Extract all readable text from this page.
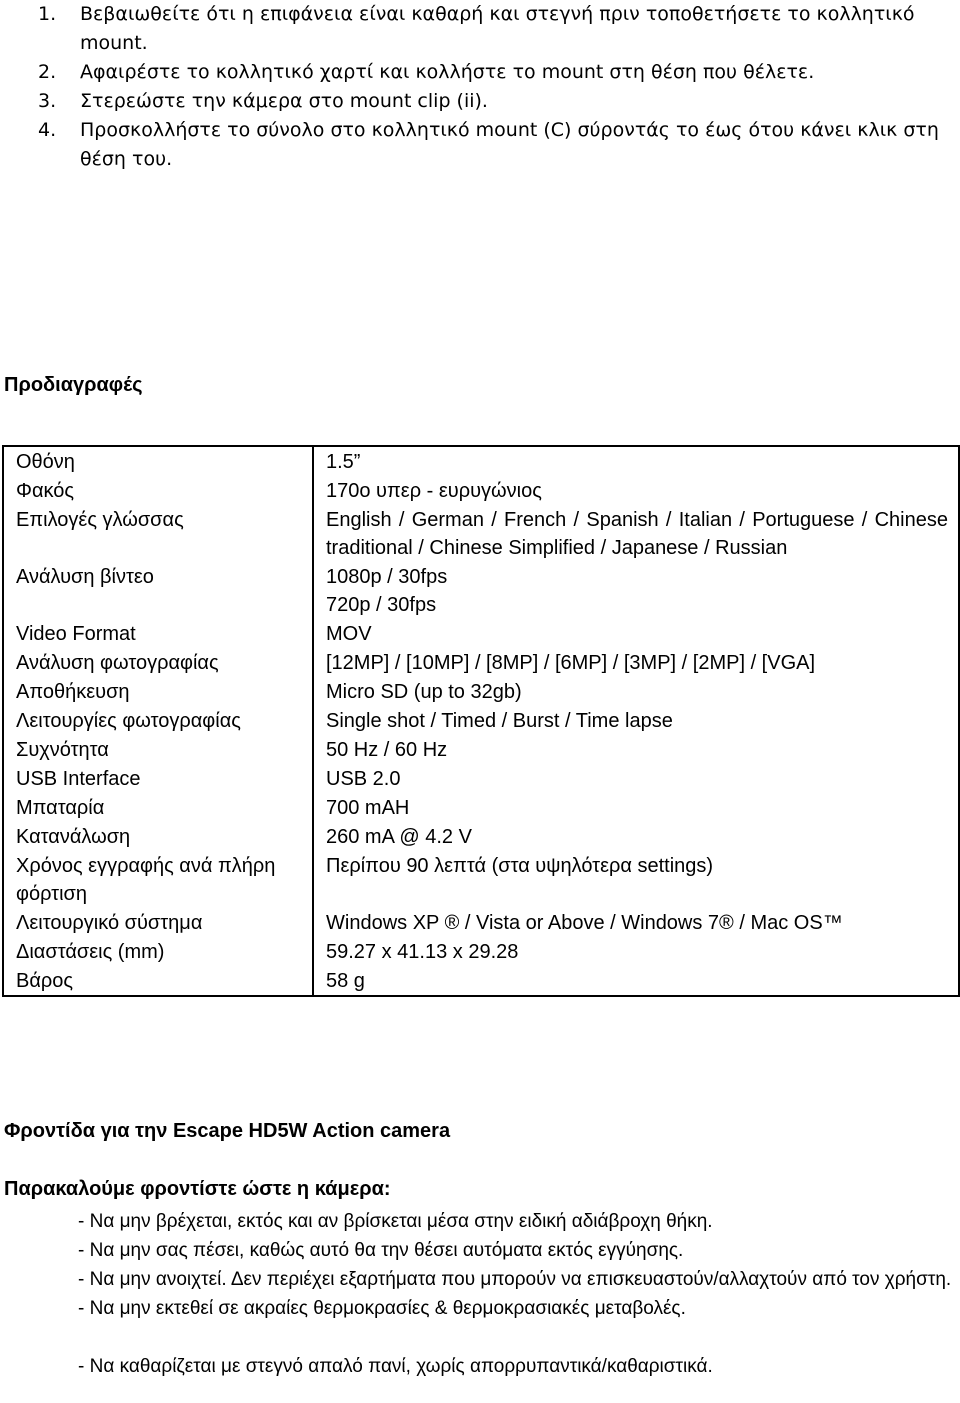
1. Βεβαιωθείτε ότι η επιφάνεια είναι καθαρή και στεγνή πριν τοποθετήσετε το κολλητικό mount.
2. Αφαιρέστε το κολλητικό χαρτί και κολλήστε το mount στη θέση που θέλετε.
3. Στερεώστε την κάμερα στο mount clip (ii).
4. Προσκολλήστε το σύνολο στο κολλητικό mount (C) σύροντάς το έως ότου κάνει κλικ στη θέση του.
Προδιαγραφές
Οθόνη	1.5”
Φακός	170ο υπερ - ευρυγώνιος
Επιλογές γλώσσας	English / German / French / Spanish / Italian / Portuguese / Chinese traditional / Chinese Simplified / Japanese / Russian

Ανάλυση βίντεο	1080p / 30fps
720p / 30fps

Video Format	MOV
Ανάλυση φωτογραφίας	[12MP] / [10MP] / [8MP] / [6MP] / [3MP] / [2MP] / [VGA]
Αποθήκευση	Micro SD (up to 32gb)
Λειτουργίες φωτογραφίας	Single shot / Timed / Burst / Time lapse
Συχνότητα	50 Hz / 60 Hz
USB Interface	USB 2.0
Μπαταρία	700 mAH
Κατανάλωση	260 mA @ 4.2 V

Χρόνος εγγραφής ανά πλήρη φόρτιση	Περίπου 90 λεπτά (στα υψηλότερα settings)
Λειτουργικό σύστημα	Windows XP ® / Vista or Above / Windows 7® / Mac OS™
Διαστάσεις (mm)	59.27 x 41.13 x 29.28
Βάρος	58 g
Φροντίδα για την Escape HD5W Action camera
Παρακαλούμε φροντίστε ώστε η κάμερα:
- Να μην βρέχεται, εκτός και αν βρίσκεται μέσα στην ειδική αδιάβροχη θήκη.
- Να μην σας πέσει, καθώς αυτό θα την θέσει αυτόματα εκτός εγγύησης.
- Να μην ανοιχτεί. Δεν περιέχει εξαρτήματα που μπορούν να επισκευαστούν/αλλαχτούν από τον χρήστη.
- Να μην εκτεθεί σε ακραίες θερμοκρασίες & θερμοκρασιακές μεταβολές.
- Να καθαρίζεται με στεγνό απαλό πανί, χωρίς απορρυπαντικά/καθαριστικά.
